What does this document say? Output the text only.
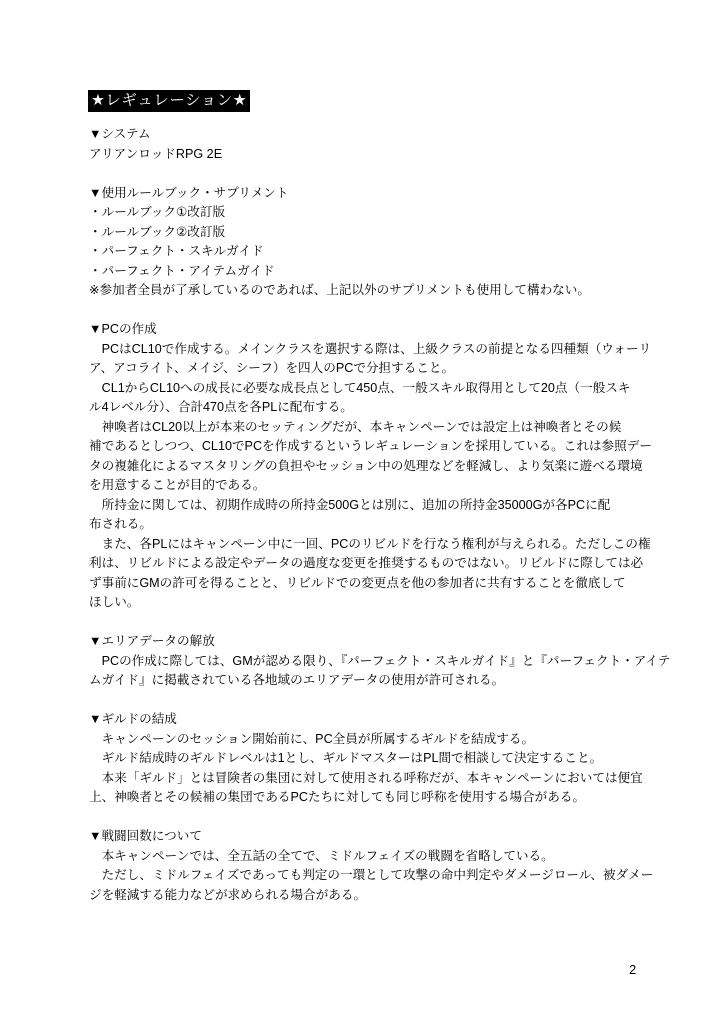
★レギュレーション★
▼システム
アリアンロッドRPG 2E
▼使用ルールブック・サプリメント
・ルールブック①改訂版
・ルールブック②改訂版
・パーフェクト・スキルガイド
・パーフェクト・アイテムガイド
※参加者全員が了承しているのであれば、上記以外のサプリメントも使用して構わない。
▼PCの作成
　PCはCL10で作成する。メインクラスを選択する際は、上級クラスの前提となる四種類（ウォーリ
ア、アコライト、メイジ、シーフ）を四人のPCで分担すること。
　CL1からCL10への成長に必要な成長点として450点、一般スキル取得用として20点（一般スキ
ル4レベル分）、合計470点を各PLに配布する。
　神喚者はCL20以上が本来のセッティングだが、本キャンペーンでは設定上は神喚者とその候
補であるとしつつ、CL10でPCを作成するというレギュレーションを採用している。これは参照デー
タの複雑化によるマスタリングの負担やセッション中の処理などを軽減し、より気楽に遊べる環境
を用意することが目的である。
　所持金に関しては、初期作成時の所持金500Gとは別に、追加の所持金35000Gが各PCに配
布される。
　また、各PLにはキャンペーン中に一回、PCのリビルドを行なう権利が与えられる。ただしこの権
利は、リビルドによる設定やデータの過度な変更を推奨するものではない。リビルドに際しては必
ず事前にGMの許可を得ることと、リビルドでの変更点を他の参加者に共有することを徹底して
ほしい。
▼エリアデータの解放
　PCの作成に際しては、GMが認める限り、『パーフェクト・スキルガイド』と『パーフェクト・アイテ
ムガイド』に掲載されている各地域のエリアデータの使用が許可される。
▼ギルドの結成
　キャンペーンのセッション開始前に、PC全員が所属するギルドを結成する。
　ギルド結成時のギルドレベルは1とし、ギルドマスターはPL間で相談して決定すること。
　本来「ギルド」とは冒険者の集団に対して使用される呼称だが、本キャンペーンにおいては便宜
上、神喚者とその候補の集団であるPCたちに対しても同じ呼称を使用する場合がある。
▼戦闘回数について
　本キャンペーンでは、全五話の全てで、ミドルフェイズの戦闘を省略している。
　ただし、ミドルフェイズであっても判定の一環として攻撃の命中判定やダメージロール、被ダメー
ジを軽減する能力などが求められる場合がある。
2
